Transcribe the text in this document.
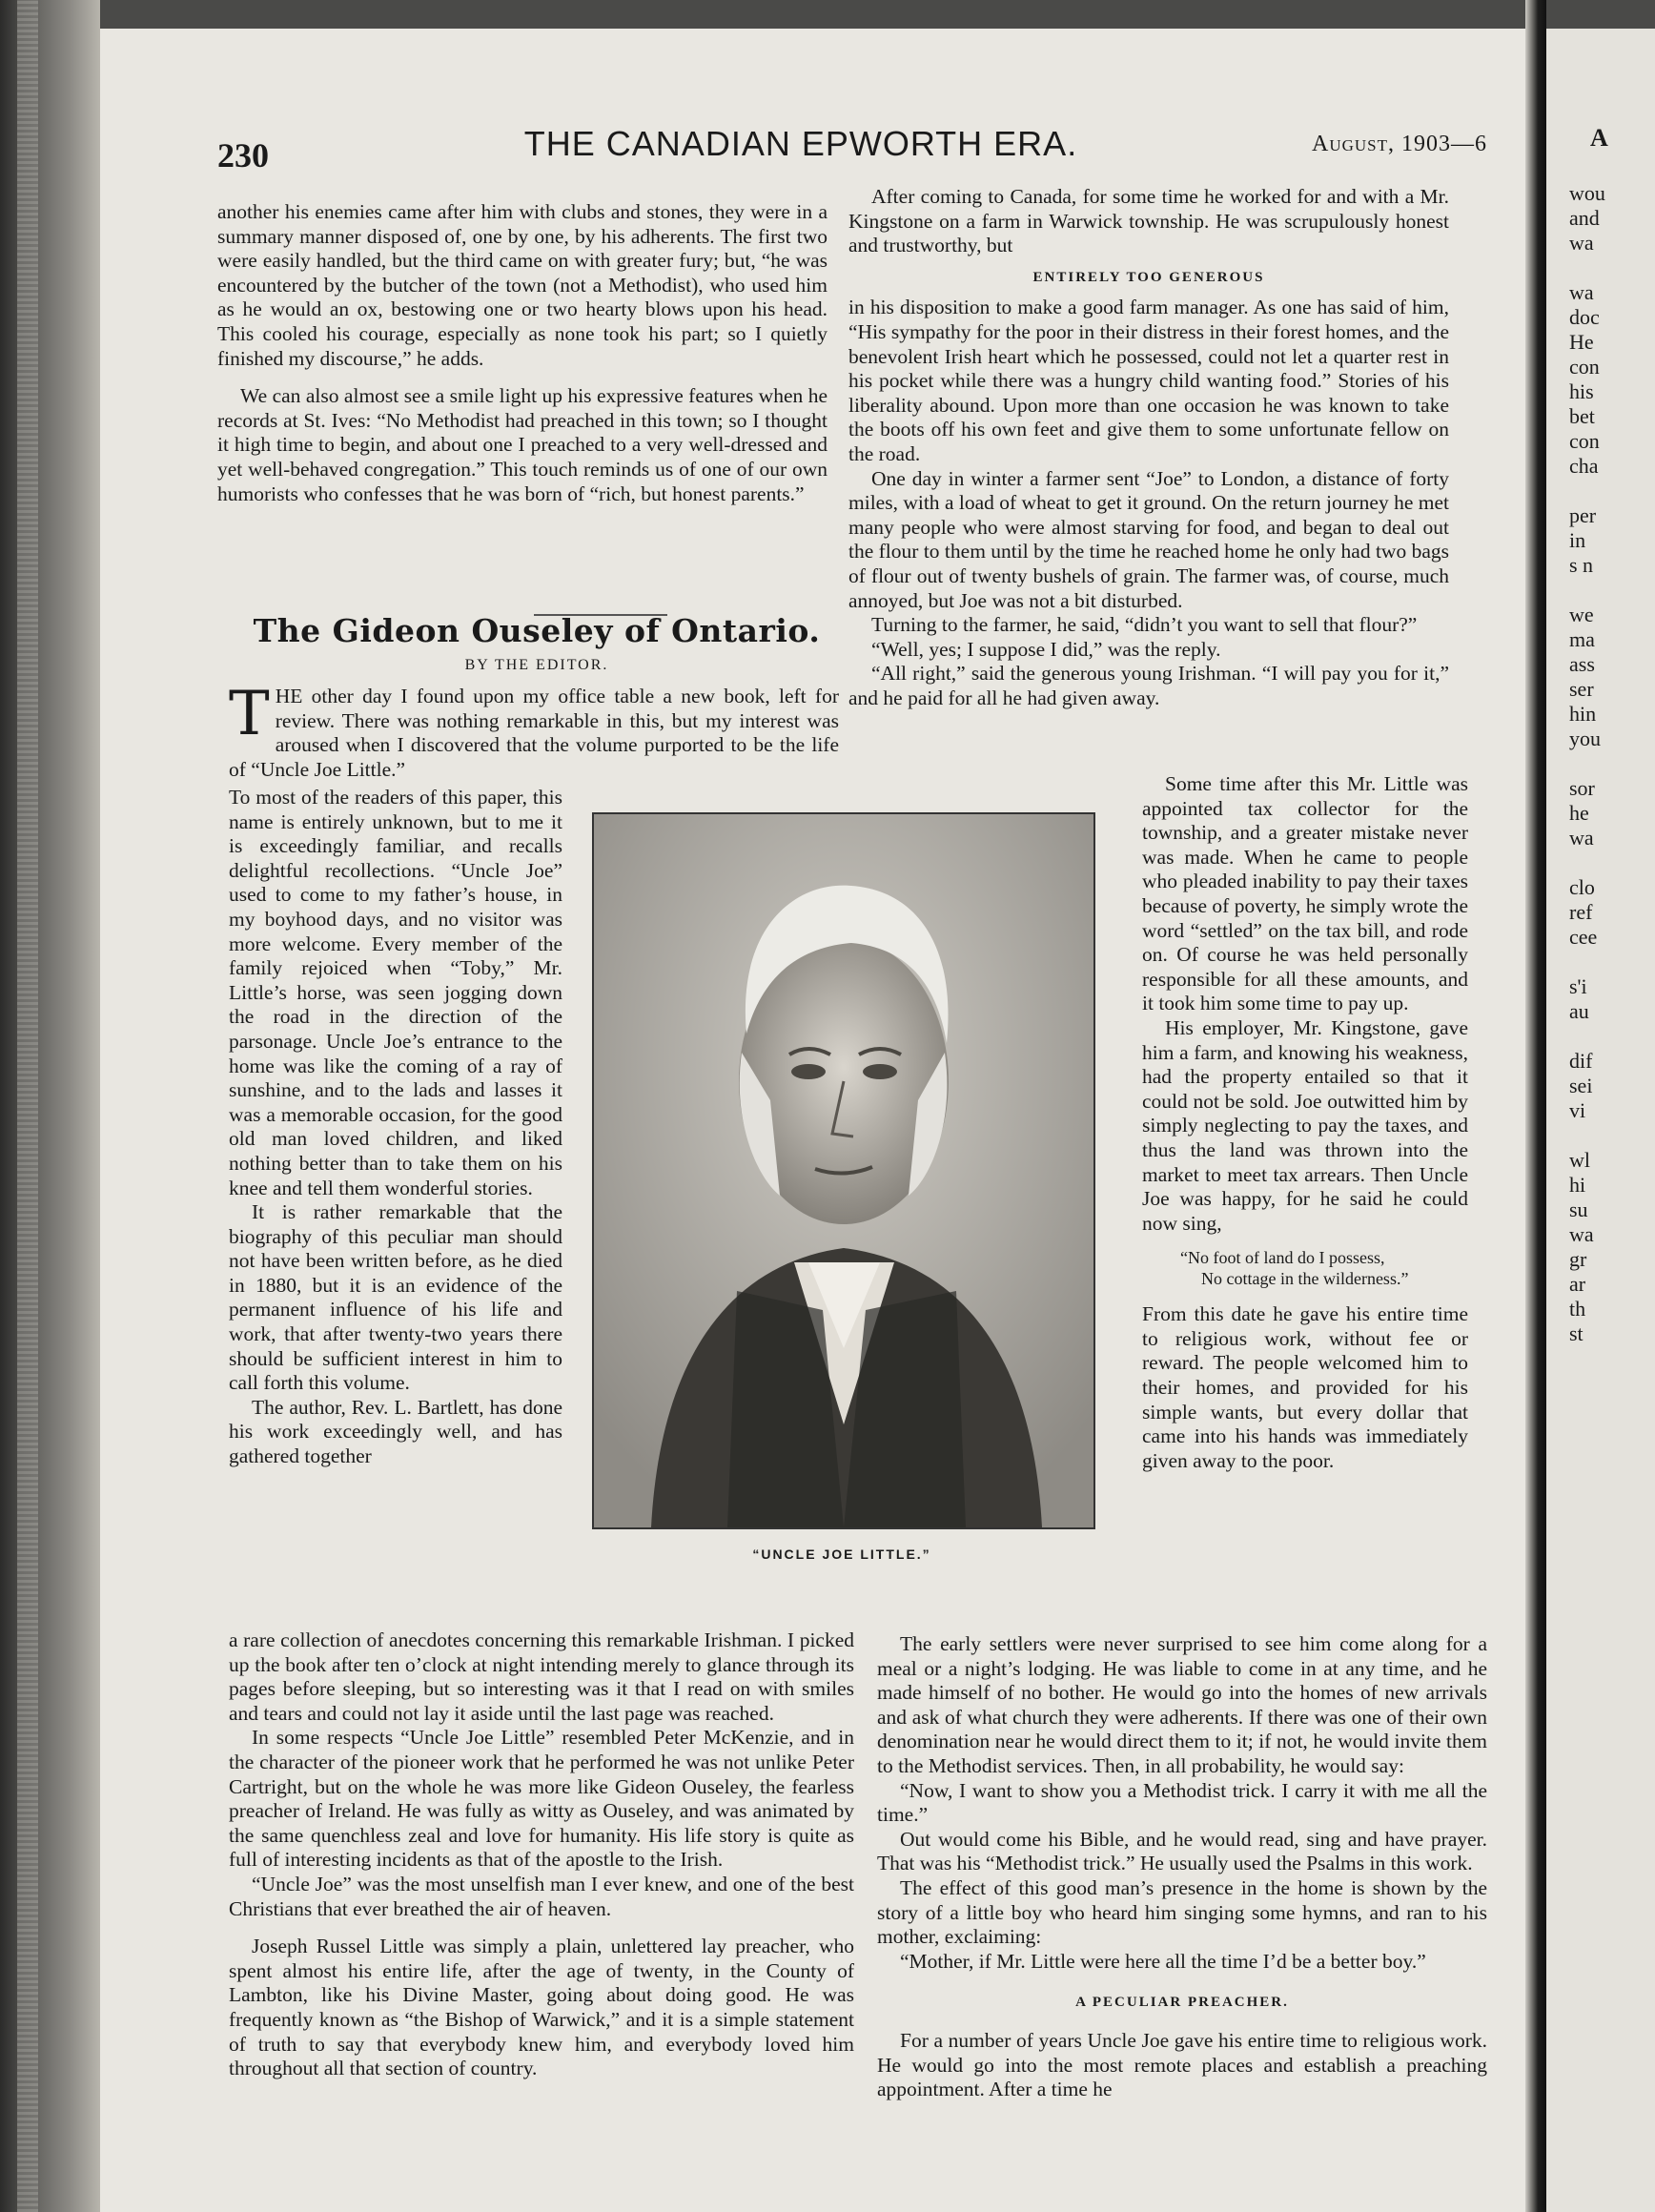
A
wou
and
wa
wa
doc
He
con
his
bet
con
cha
per
in
s n
we
ma
ass
ser
hin
you
sor
he
wa
clo
ref
cee
s'i
au
dif
sei
vi
wl
hi
su
wa
gr
ar
th
st
230	THE CANADIAN EPWORTH ERA.	August, 1903—6

another his enemies came after him with clubs and stones, they were in a summary manner disposed of, one by one, by his adherents. The first two were easily handled, but the third came on with greater fury; but, “he was encountered by the butcher of the town (not a Methodist), who used him as he would an ox, bestowing one or two hearty blows upon his head. This cooled his courage, especially as none took his part; so I quietly finished my discourse,” he adds.

We can also almost see a smile light up his expressive features when he records at St. Ives: “No Methodist had preached in this town; so I thought it high time to begin, and about one I preached to a very well-dressed and yet well-behaved congregation.” This touch reminds us of one of our own humorists who confesses that he was born of “rich, but honest parents.”

The Gideon Ouseley of Ontario.
BY THE EDITOR.

THE other day I found upon my office table a new book, left for review. There was nothing remarkable in this, but my interest was aroused when I discovered that the volume purported to be the life of “Uncle Joe Little.”

To most of the readers of this paper, this name is entirely unknown, but to me it is exceedingly familiar, and recalls delightful recollections. “Uncle Joe” used to come to my father’s house, in my boyhood days, and no visitor was more welcome. Every member of the family rejoiced when “Toby,” Mr. Little’s horse, was seen jogging down the road in the direction of the parsonage. Uncle Joe’s entrance to the home was like the coming of a ray of sunshine, and to the lads and lasses it was a memorable occasion, for the good old man loved children, and liked nothing better than to take them on his knee and tell them wonderful stories.

It is rather remarkable that the biography of this peculiar man should not have been written before, as he died in 1880, but it is an evidence of the permanent influence of his life and work, that after twenty-two years there should be sufficient interest in him to call forth this volume.

The author, Rev. L. Bartlett, has done his work exceedingly well, and has gathered together

a rare collection of anecdotes concerning this remarkable Irishman. I picked up the book after ten o’clock at night intending merely to glance through its pages before sleeping, but so interesting was it that I read on with smiles and tears and could not lay it aside until the last page was reached.

In some respects “Uncle Joe Little” resembled Peter McKenzie, and in the character of the pioneer work that he performed he was not unlike Peter Cartright, but on the whole he was more like Gideon Ouseley, the fearless preacher of Ireland. He was fully as witty as Ouseley, and was animated by the same quenchless zeal and love for humanity. His life story is quite as full of interesting incidents as that of the apostle to the Irish.

“Uncle Joe” was the most unselfish man I ever knew, and one of the best Christians that ever breathed the air of heaven.

Joseph Russel Little was simply a plain, unlettered lay preacher, who spent almost his entire life, after the age of twenty, in the County of Lambton, like his Divine Master, going about doing good. He was frequently known as “the Bishop of Warwick,” and it is a simple statement of truth to say that everybody knew him, and everybody loved him throughout all that section of country.

After coming to Canada, for some time he worked for and with a Mr. Kingstone on a farm in Warwick township. He was scrupulously honest and trustworthy, but

ENTIRELY TOO GENEROUS

in his disposition to make a good farm manager. As one has said of him, “His sympathy for the poor in their distress in their forest homes, and the benevolent Irish heart which he possessed, could not let a quarter rest in his pocket while there was a hungry child wanting food.” Stories of his liberality abound. Upon more than one occasion he was known to take the boots off his own feet and give them to some unfortunate fellow on the road.

One day in winter a farmer sent “Joe” to London, a distance of forty miles, with a load of wheat to get it ground. On the return journey he met many people who were almost starving for food, and began to deal out the flour to them until by the time he reached home he only had two bags of flour out of twenty bushels of grain. The farmer was, of course, much annoyed, but Joe was not a bit disturbed.

Turning to the farmer, he said, “didn’t you want to sell that flour?”

“Well, yes; I suppose I did,” was the reply.

“All right,” said the generous young Irishman. “I will pay you for it,” and he paid for all he had given away.

“UNCLE JOE LITTLE.”

Some time after this Mr. Little was appointed tax collector for the township, and a greater mistake never was made. When he came to people who pleaded inability to pay their taxes because of poverty, he simply wrote the word “settled” on the tax bill, and rode on. Of course he was held personally responsible for all these amounts, and it took him some time to pay up.

His employer, Mr. Kingstone, gave him a farm, and knowing his weakness, had the property entailed so that it could not be sold. Joe outwitted him by simply neglecting to pay the taxes, and thus the land was thrown into the market to meet tax arrears. Then Uncle Joe was happy, for he said he could now sing,

“No foot of land do I possess,
No cottage in the wilderness.”

From this date he gave his entire time to religious work, without fee or reward. The people welcomed him to their homes, and provided for his simple wants, but every dollar that came into his hands was immediately given away to the poor.

The early settlers were never surprised to see him come along for a meal or a night’s lodging. He was liable to come in at any time, and he made himself of no bother. He would go into the homes of new arrivals and ask of what church they were adherents. If there was one of their own denomination near he would direct them to it; if not, he would invite them to the Methodist services. Then, in all probability, he would say:

“Now, I want to show you a Methodist trick. I carry it with me all the time.”

Out would come his Bible, and he would read, sing and have prayer. That was his “Methodist trick.” He usually used the Psalms in this work.

The effect of this good man’s presence in the home is shown by the story of a little boy who heard him singing some hymns, and ran to his mother, exclaiming:

“Mother, if Mr. Little were here all the time I’d be a better boy.”

A PECULIAR PREACHER.

For a number of years Uncle Joe gave his entire time to religious work. He would go into the most remote places and establish a preaching appointment. After a time he
